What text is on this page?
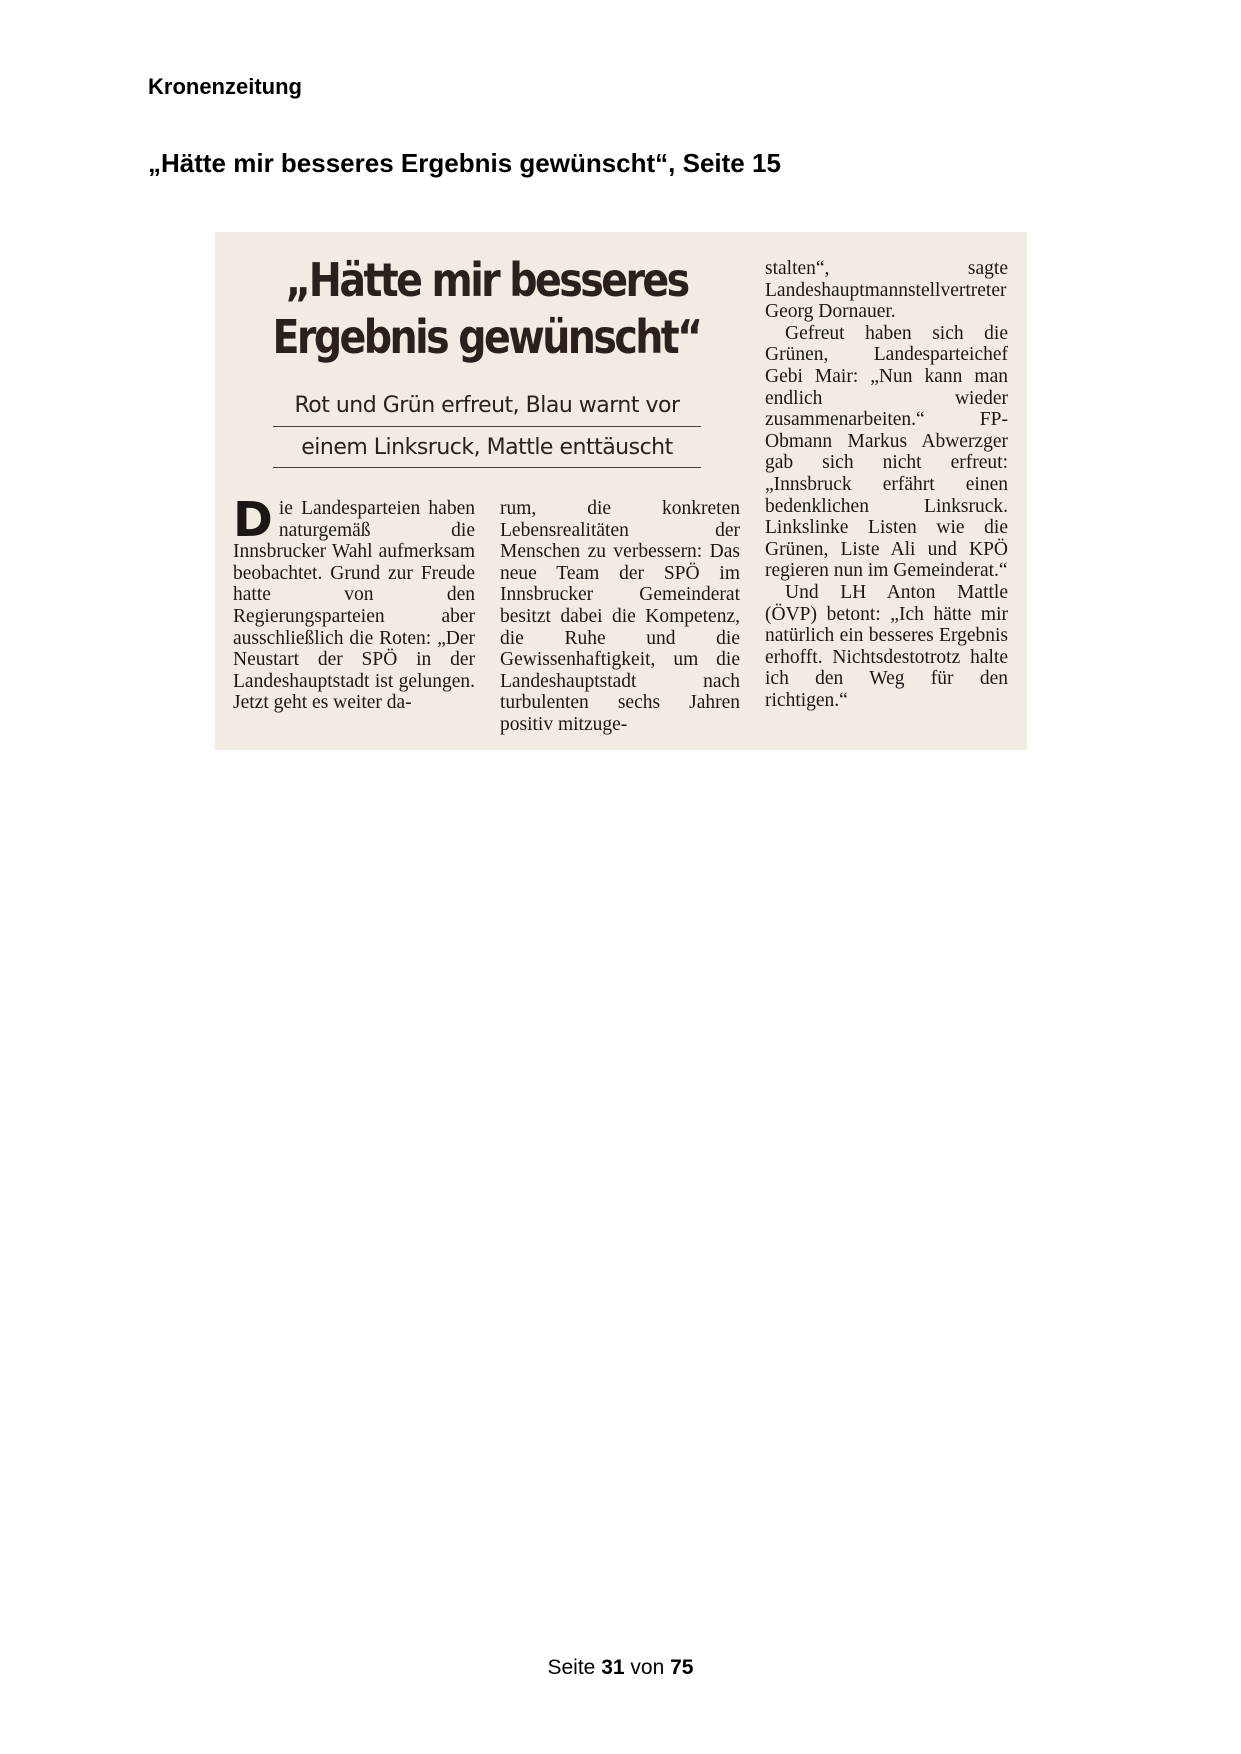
Kronenzeitung
„Hätte mir besseres Ergebnis gewünscht“, Seite 15
„Hätte mir besseres
Ergebnis gewünscht“
Rot und Grün erfreut, Blau warnt vor
einem Linksruck, Mattle enttäuscht

Die Landesparteien haben naturgemäß die Innsbrucker Wahl aufmerksam beobachtet. Grund zur Freude hatte von den Regierungsparteien aber ausschließlich die Roten: „Der Neustart der SPÖ in der Landeshauptstadt ist gelungen. Jetzt geht es weiter da-

rum, die konkreten Lebensrealitäten der Menschen zu verbessern: Das neue Team der SPÖ im Innsbrucker Gemeinderat besitzt dabei die Kompetenz, die Ruhe und die Gewissenhaftigkeit, um die Landeshauptstadt nach turbulenten sechs Jahren positiv mitzuge-

stalten“, sagte Landeshauptmannstellvertreter Georg Dornauer.

Gefreut haben sich die Grünen, Landesparteichef Gebi Mair: „Nun kann man endlich wieder zusammenarbeiten.“ FP-Obmann Markus Abwerzger gab sich nicht erfreut: „Innsbruck erfährt einen bedenklichen Linksruck. Linkslinke Listen wie die Grünen, Liste Ali und KPÖ regieren nun im Gemeinderat.“

Und LH Anton Mattle (ÖVP) betont: „Ich hätte mir natürlich ein besseres Ergebnis erhofft. Nichtsdestotrotz halte ich den Weg für den richtigen.“

Seite 31 von 75
